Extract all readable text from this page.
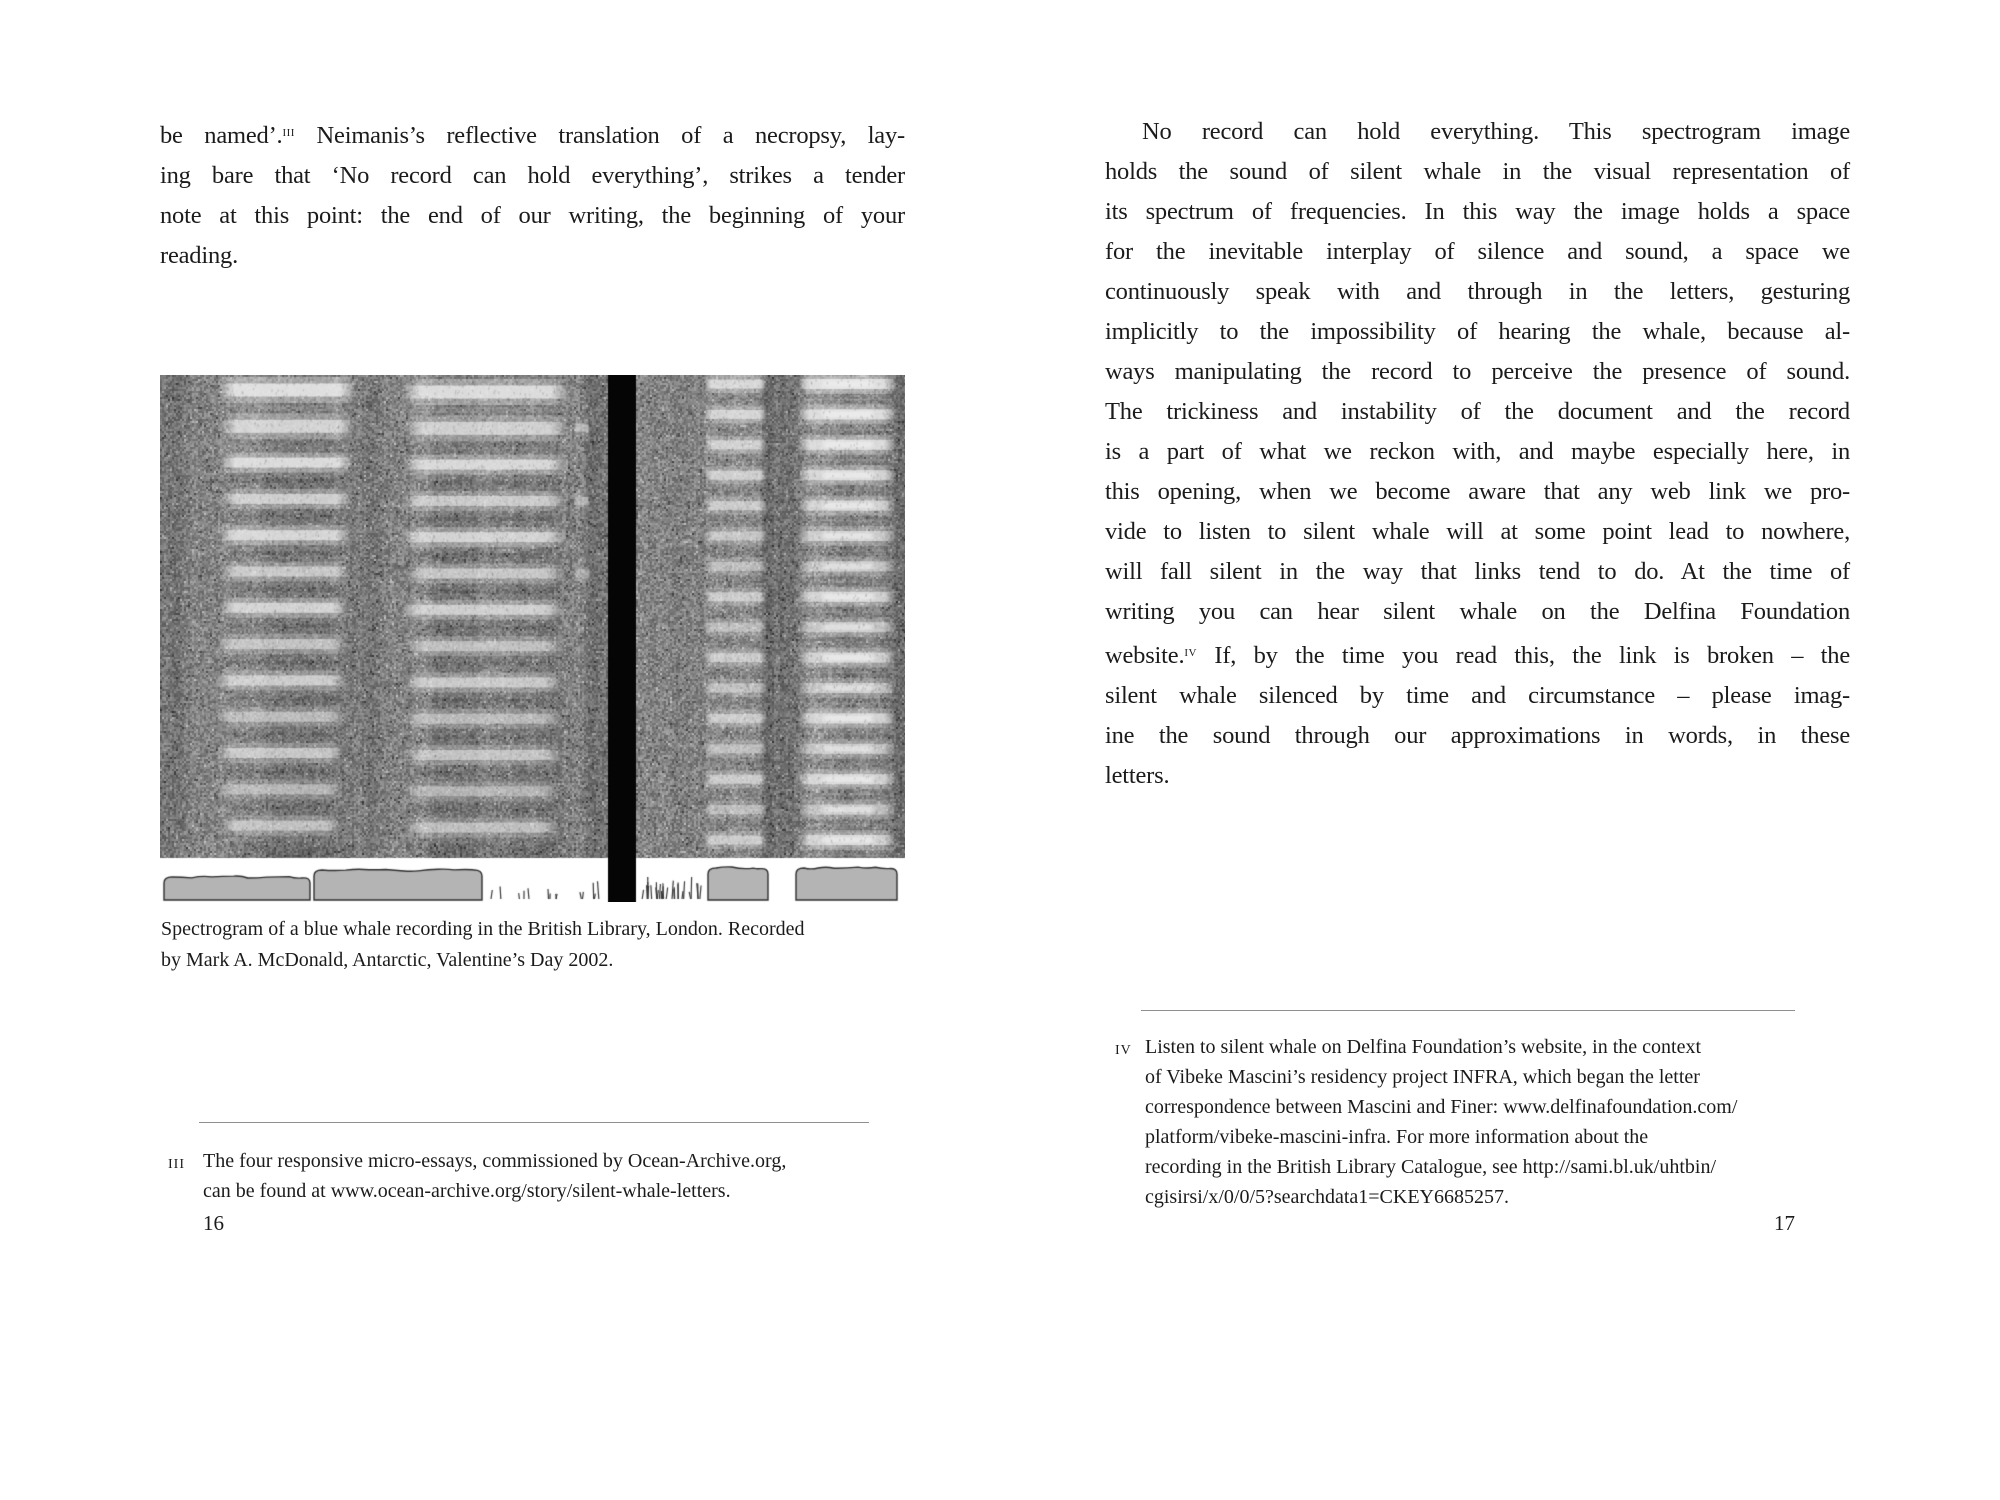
be named’.$^{iii}$ Neimanis’s reflective translation of a necropsy, lay-
ing bare that ‘No record can hold everything’, strikes a tender
note at this point: the end of our writing, the beginning of your
reading.
Spectrogram of a blue whale recording in the British Library, London. Recorded
by Mark A. McDonald, Antarctic, Valentine’s Day 2002.
iii The four responsive micro-essays, commissioned by Ocean-Archive.org,
can be found at www.ocean-archive.org/story/silent-whale-letters.
16
No record can hold everything. This spectrogram image
holds the sound of silent whale in the visual representation of
its spectrum of frequencies. In this way the image holds a space
for the inevitable interplay of silence and sound, a space we
continuously speak with and through in the letters, gesturing
implicitly to the impossibility of hearing the whale, because al-
ways manipulating the record to perceive the presence of sound.
The trickiness and instability of the document and the record
is a part of what we reckon with, and maybe especially here, in
this opening, when we become aware that any web link we pro-
vide to listen to silent whale will at some point lead to nowhere,
will fall silent in the way that links tend to do. At the time of
writing you can hear silent whale on the Delfina Foundation
website.$^{iv}$ If, by the time you read this, the link is broken – the
silent whale silenced by time and circumstance – please imag-
ine the sound through our approximations in words, in these
letters.
iv Listen to silent whale on Delfina Foundation’s website, in the context
of Vibeke Mascini’s residency project INFRA, which began the letter
correspondence between Mascini and Finer: www.delfinafoundation.com/
platform/vibeke-mascini-infra. For more information about the
recording in the British Library Catalogue, see http://sami.bl.uk/uhtbin/
cgisirsi/x/0/0/5?searchdata1=CKEY6685257.
17
